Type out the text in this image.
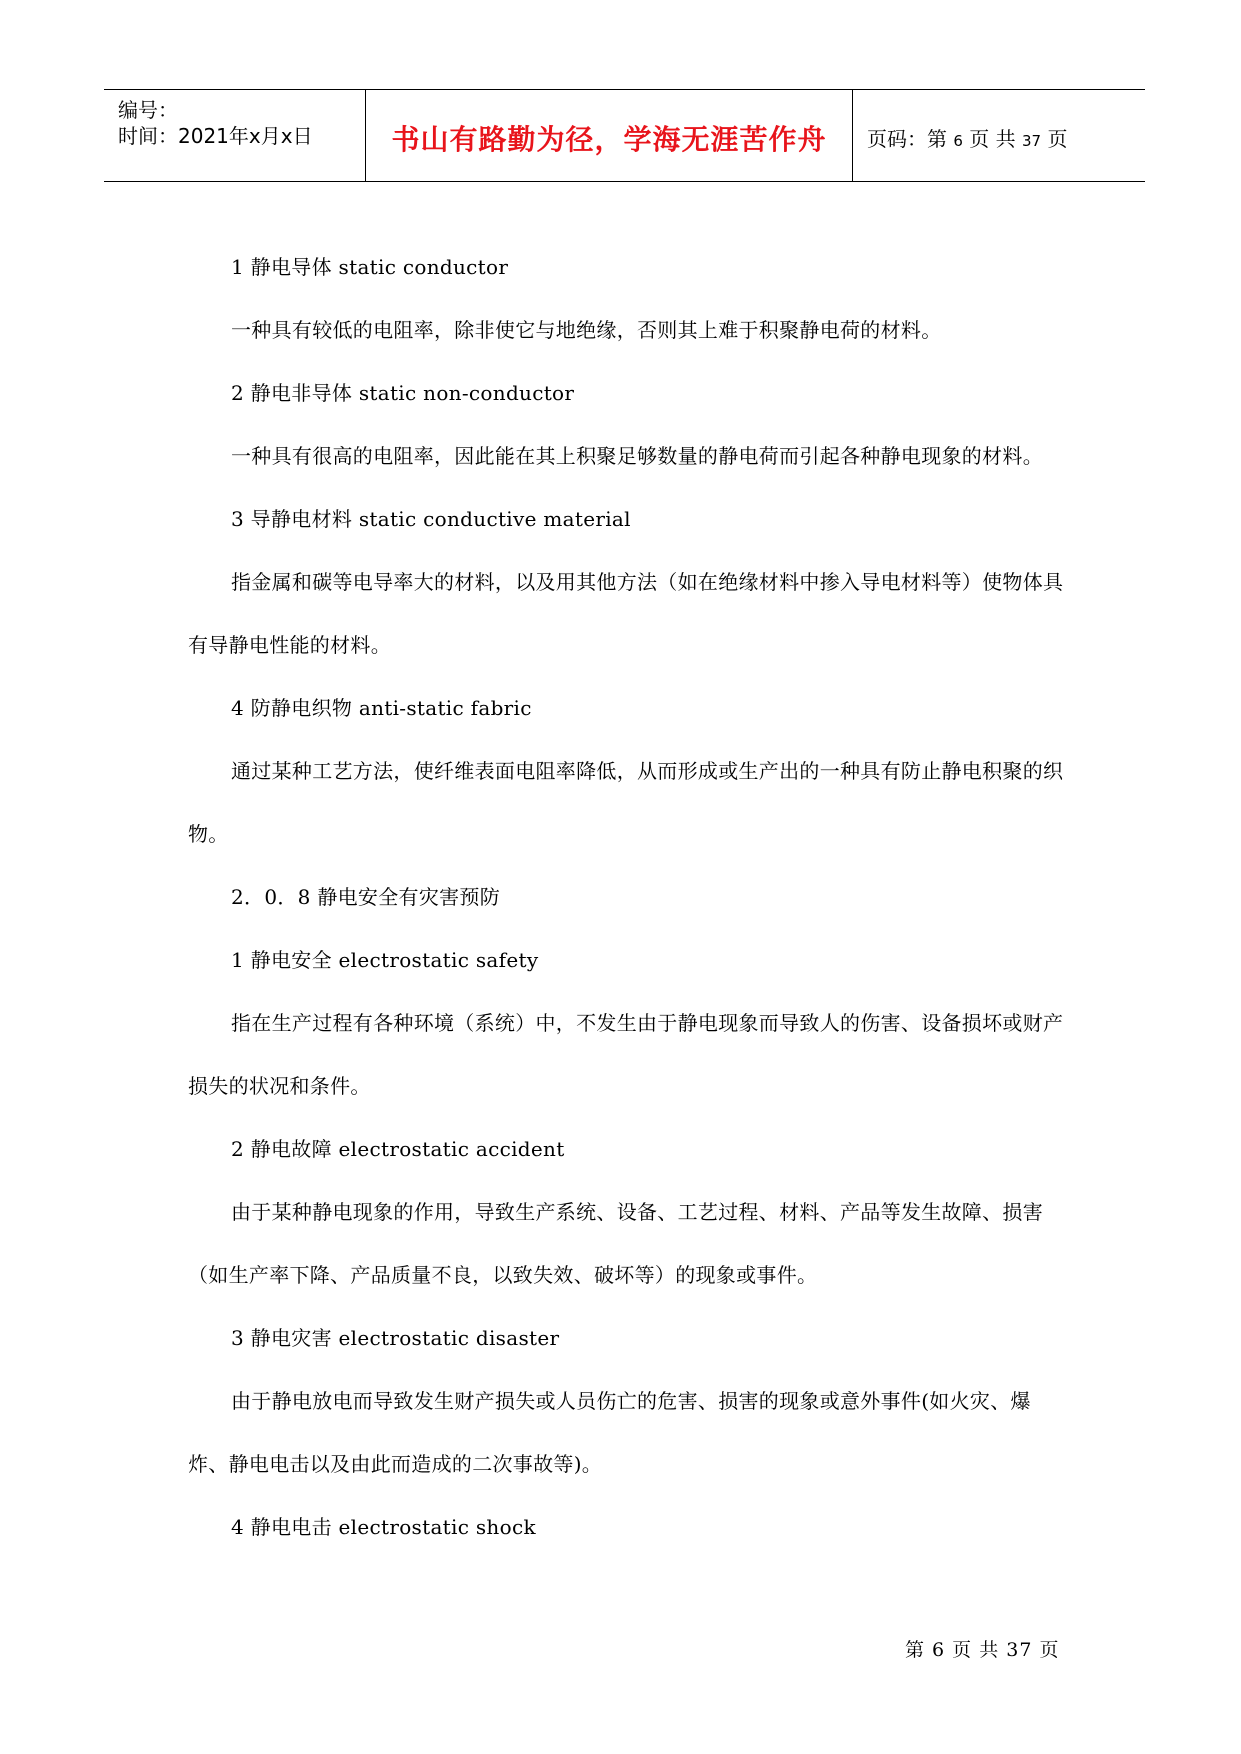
编号：
时间：2021年x月x日	书山有路勤为径，学海无涯苦作舟	页码：第 6 页 共 37 页

1 静电导体 static conductor

一种具有较低的电阻率，除非使它与地绝缘，否则其上难于积聚静电荷的材料。

2 静电非导体 static non-conductor

一种具有很高的电阻率，因此能在其上积聚足够数量的静电荷而引起各种静电现象的材料。

3 导静电材料 static conductive material

指金属和碳等电导率大的材料，以及用其他方法（如在绝缘材料中掺入导电材料等）使物体具有导静电性能的材料。

4 防静电织物 anti-static fabric

通过某种工艺方法，使纤维表面电阻率降低，从而形成或生产出的一种具有防止静电积聚的织物。

2．0．8 静电安全有灾害预防

1 静电安全 electrostatic safety

指在生产过程有各种环境（系统）中，不发生由于静电现象而导致人的伤害、设备损坏或财产损失的状况和条件。

2 静电故障 electrostatic accident

由于某种静电现象的作用，导致生产系统、设备、工艺过程、材料、产品等发生故障、损害（如生产率下降、产品质量不良，以致失效、破坏等）的现象或事件。

3 静电灾害 electrostatic disaster

由于静电放电而导致发生财产损失或人员伤亡的危害、损害的现象或意外事件(如火灾、爆炸、静电电击以及由此而造成的二次事故等)。

4 静电电击 electrostatic shock

第 6 页 共 37 页
